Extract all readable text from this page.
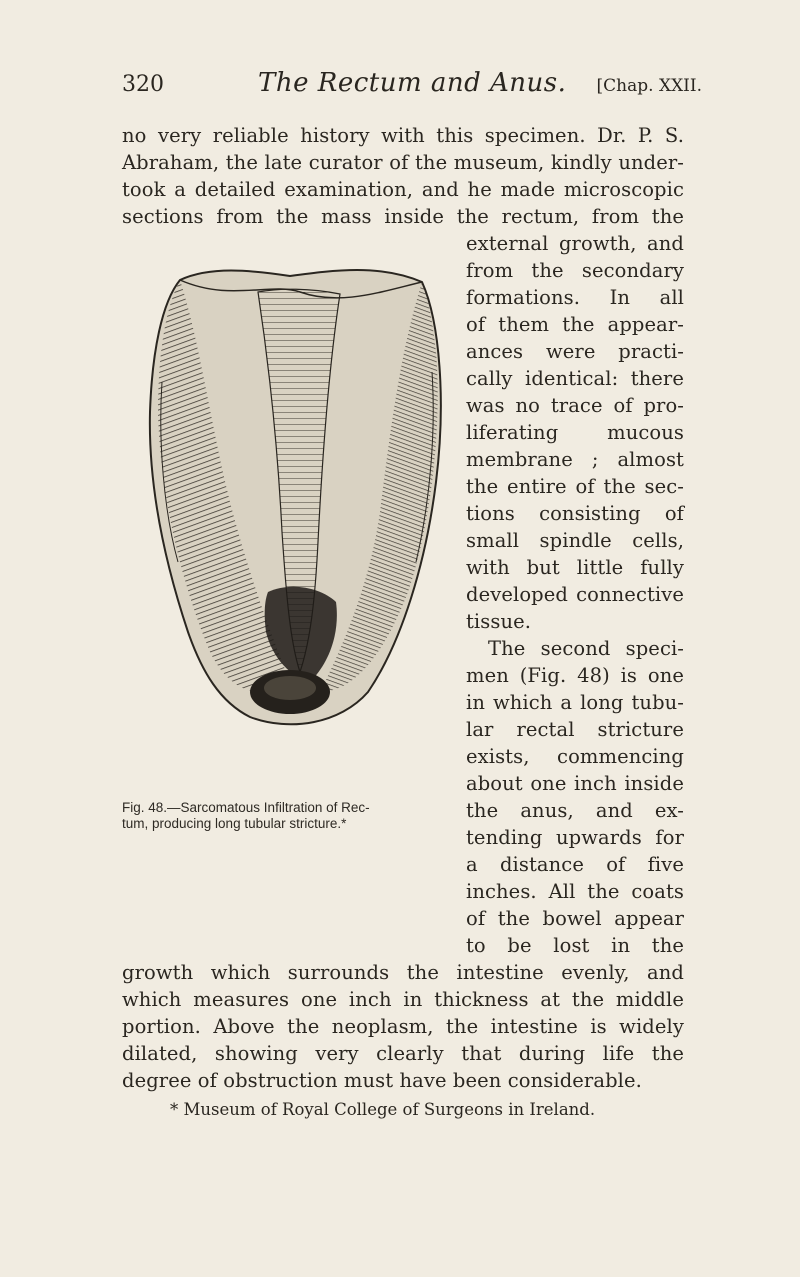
320	The Rectum and Anus. [Chap. XXII.
no very reliable history with this specimen. Dr. P. S.
Abraham, the late curator of the museum, kindly under-
took a detailed examination, and he made microscopic
sections from the mass inside the rectum, from the
external growth, and
from the secondary
formations. In all
of them the appear-
ances were practi-
cally identical: there
was no trace of pro-
liferating mucous
membrane ; almost
the entire of the sec-
tions consisting of
small spindle cells,
with but little fully
developed connective
tissue.
The second speci-
men (Fig. 48) is one
in which a long tubu-
lar rectal stricture
exists, commencing
about one inch inside
the anus, and ex-
tending upwards for
a distance of five
inches. All the coats
of the bowel appear
to be lost in the
growth which surrounds the intestine evenly, and
which measures one inch in thickness at the middle
portion. Above the neoplasm, the intestine is widely
dilated, showing very clearly that during life the
degree of obstruction must have been considerable.
Fig. 48.—Sarcomatous Infiltration of Rec-
tum, producing long tubular stricture.*
* Museum of Royal College of Surgeons in Ireland.
